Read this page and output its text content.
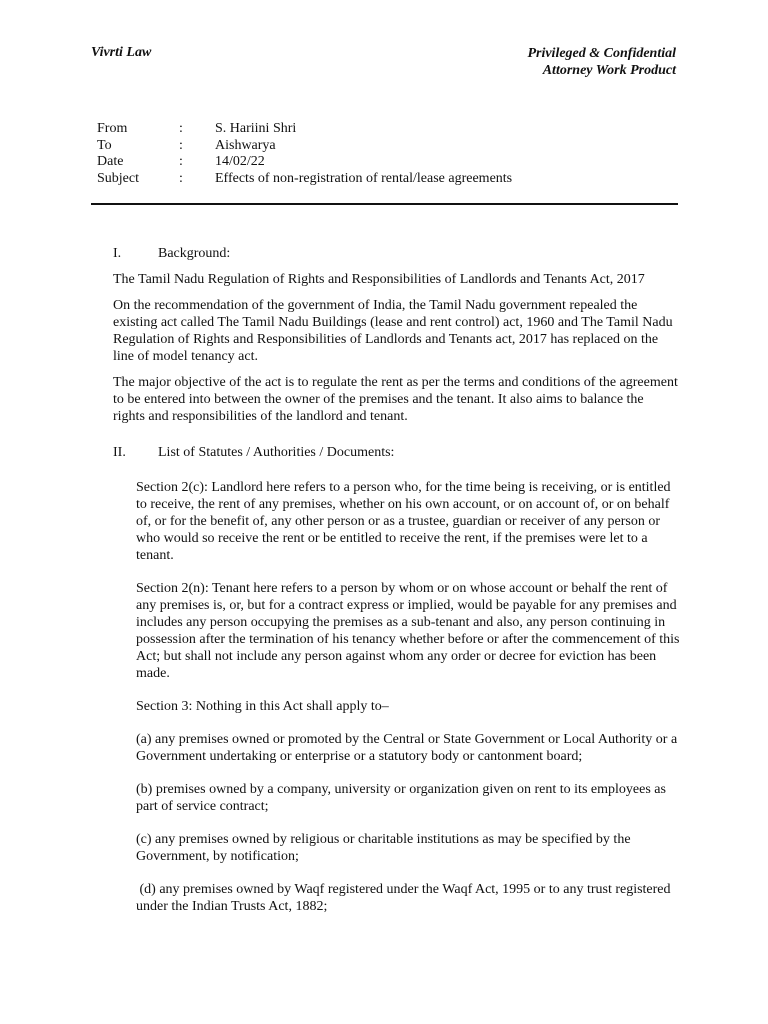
Vivrti Law	Privileged & Confidential
Attorney Work Product
From	:	S. Hariini Shri
To	:	Aishwarya
Date	:	14/02/22
Subject	:	Effects of non-registration of rental/lease agreements
I.	Background:

The Tamil Nadu Regulation of Rights and Responsibilities of Landlords and Tenants Act, 2017

On the recommendation of the government of India, the Tamil Nadu government repealed the existing act called The Tamil Nadu Buildings (lease and rent control) act, 1960 and The Tamil Nadu Regulation of Rights and Responsibilities of Landlords and Tenants act, 2017 has replaced on the line of model tenancy act.

The major objective of the act is to regulate the rent as per the terms and conditions of the agreement to be entered into between the owner of the premises and the tenant. It also aims to balance the rights and responsibilities of the landlord and tenant.

II.	List of Statutes / Authorities / Documents:

Section 2(c): Landlord here refers to a person who, for the time being is receiving, or is entitled to receive, the rent of any premises, whether on his own account, or on account of, or on behalf of, or for the benefit of, any other person or as a trustee, guardian or receiver of any person or who would so receive the rent or be entitled to receive the rent, if the premises were let to a tenant.

Section 2(n): Tenant here refers to a person by whom or on whose account or behalf the rent of any premises is, or, but for a contract express or implied, would be payable for any premises and includes any person occupying the premises as a sub-tenant and also, any person continuing in possession after the termination of his tenancy whether before or after the commencement of this Act; but shall not include any person against whom any order or decree for eviction has been made.

Section 3: Nothing in this Act shall apply to–

(a) any premises owned or promoted by the Central or State Government or Local Authority or a Government undertaking or enterprise or a statutory body or cantonment board;

(b) premises owned by a company, university or organization given on rent to its employees as part of service contract;

(c) any premises owned by religious or charitable institutions as may be specified by the Government, by notification;

(d) any premises owned by Waqf registered under the Waqf Act, 1995 or to any trust registered under the Indian Trusts Act, 1882;
